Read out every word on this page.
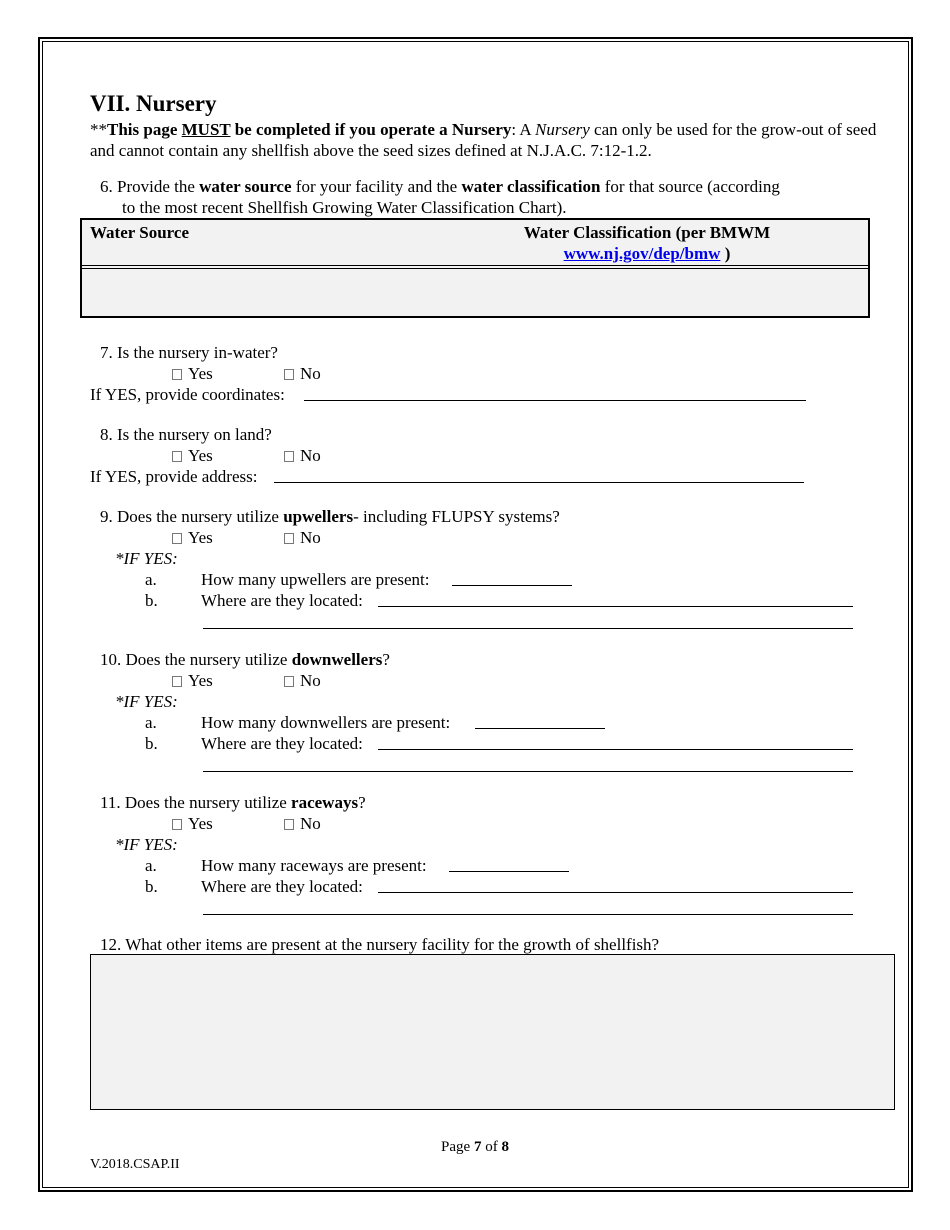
VII. Nursery
**This page MUST be completed if you operate a Nursery: A Nursery can only be used for the grow-out of seed and cannot contain any shellfish above the seed sizes defined at N.J.A.C. 7:12-1.2.
6. Provide the water source for your facility and the water classification for that source (according
to the most recent Shellfish Growing Water Classification Chart).
Water Source	Water Classification (per BMWM
www.nj.gov/dep/bmw )
7. Is the nursery in-water?
Yes	No
If YES, provide coordinates:
8. Is the nursery on land?
Yes	No
If YES, provide address:
9. Does the nursery utilize upwellers- including FLUPSY systems?
Yes	No
*IF YES:
a.	How many upwellers are present:
b.	Where are they located:
10. Does the nursery utilize downwellers?
Yes	No
*IF YES:
a.	How many downwellers are present:
b.	Where are they located:
11. Does the nursery utilize raceways?
Yes	No
*IF YES:
a.	How many raceways are present:
b.	Where are they located:
12. What other items are present at the nursery facility for the growth of shellfish?
Page 7 of 8
V.2018.CSAP.II
